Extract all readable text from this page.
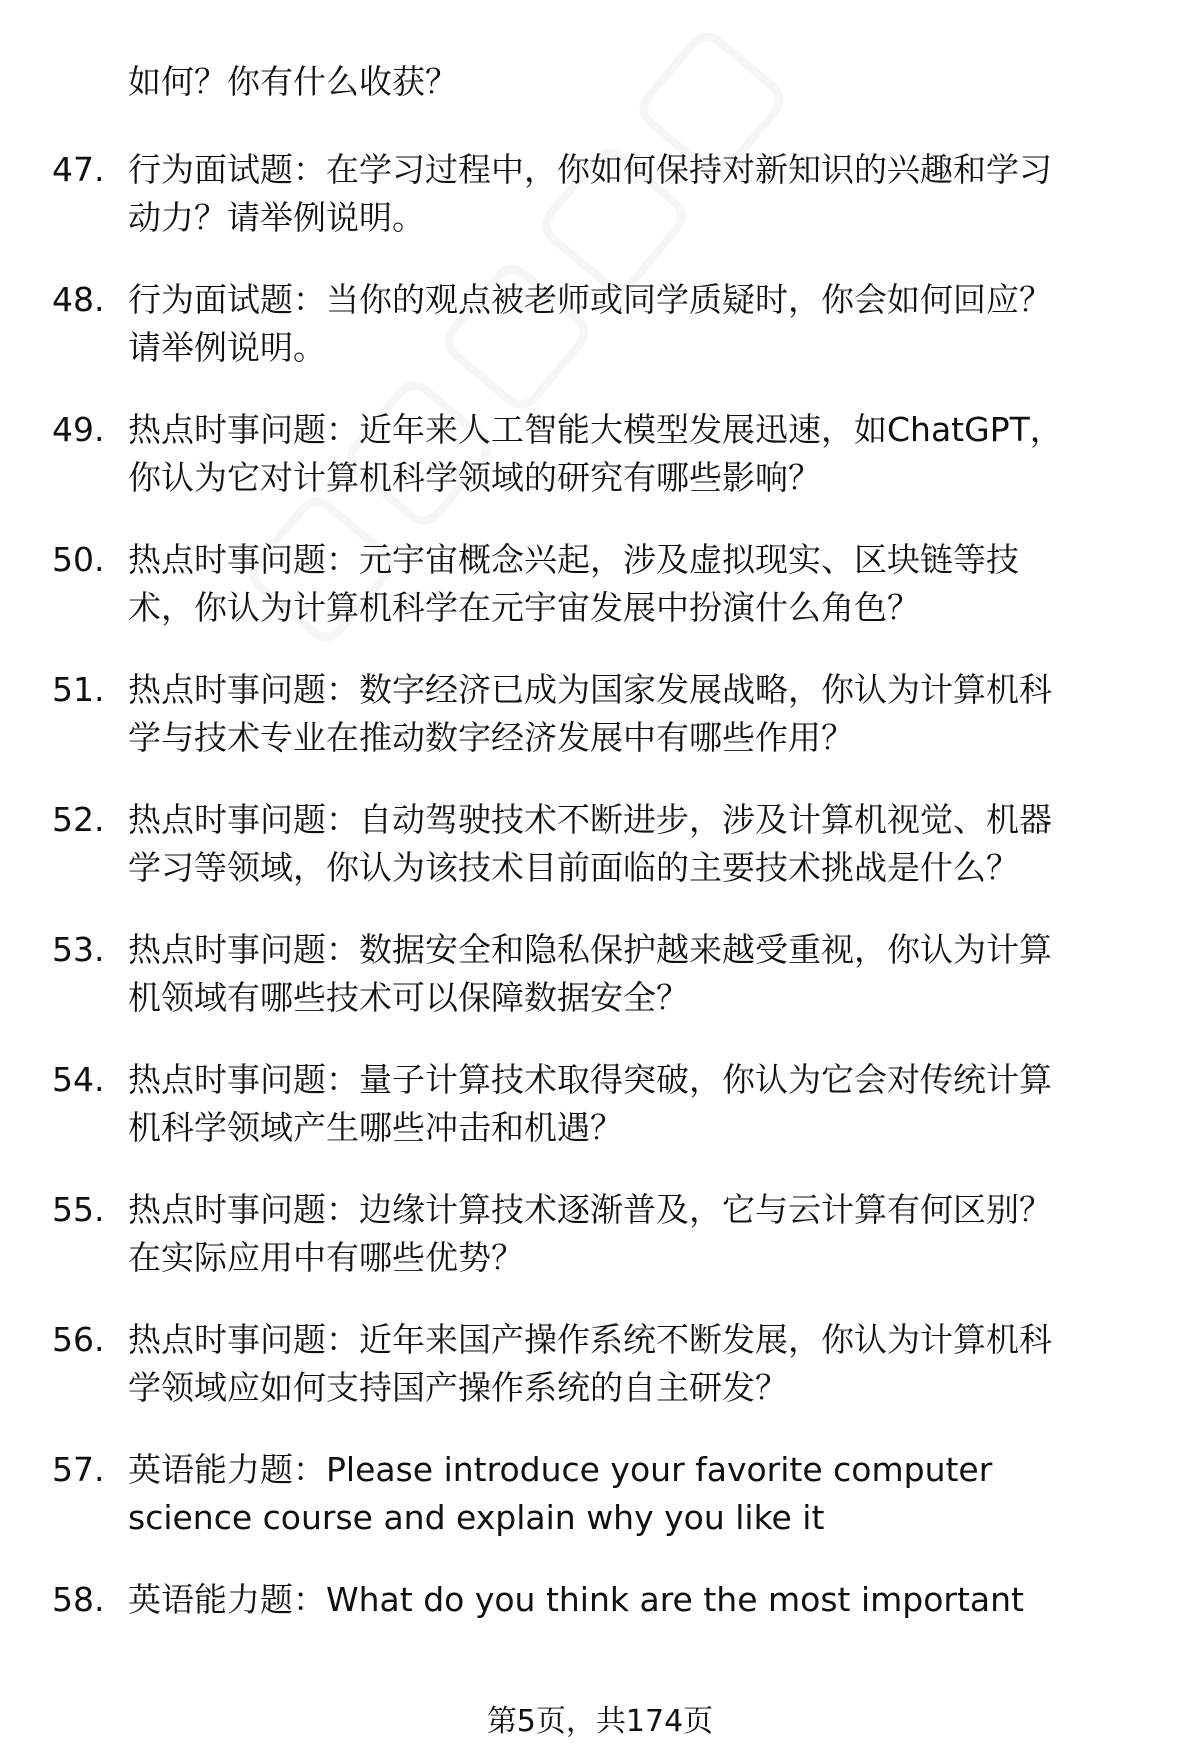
如何？你有什么收获？
47. 行为面试题：在学习过程中，你如何保持对新知识的兴趣和学习
动力？请举例说明。
48. 行为面试题：当你的观点被老师或同学质疑时，你会如何回应？
请举例说明。
49. 热点时事问题：近年来人工智能大模型发展迅速，如ChatGPT，
你认为它对计算机科学领域的研究有哪些影响？
50. 热点时事问题：元宇宙概念兴起，涉及虚拟现实、区块链等技
术，你认为计算机科学在元宇宙发展中扮演什么角色？
51. 热点时事问题：数字经济已成为国家发展战略，你认为计算机科
学与技术专业在推动数字经济发展中有哪些作用？
52. 热点时事问题：自动驾驶技术不断进步，涉及计算机视觉、机器
学习等领域，你认为该技术目前面临的主要技术挑战是什么？
53. 热点时事问题：数据安全和隐私保护越来越受重视，你认为计算
机领域有哪些技术可以保障数据安全？
54. 热点时事问题：量子计算技术取得突破，你认为它会对传统计算
机科学领域产生哪些冲击和机遇？
55. 热点时事问题：边缘计算技术逐渐普及，它与云计算有何区别？
在实际应用中有哪些优势？
56. 热点时事问题：近年来国产操作系统不断发展，你认为计算机科
学领域应如何支持国产操作系统的自主研发？
57. 英语能力题：Please introduce your favorite computer
science course and explain why you like it
58. 英语能力题：What do you think are the most important
第5页，共174页
